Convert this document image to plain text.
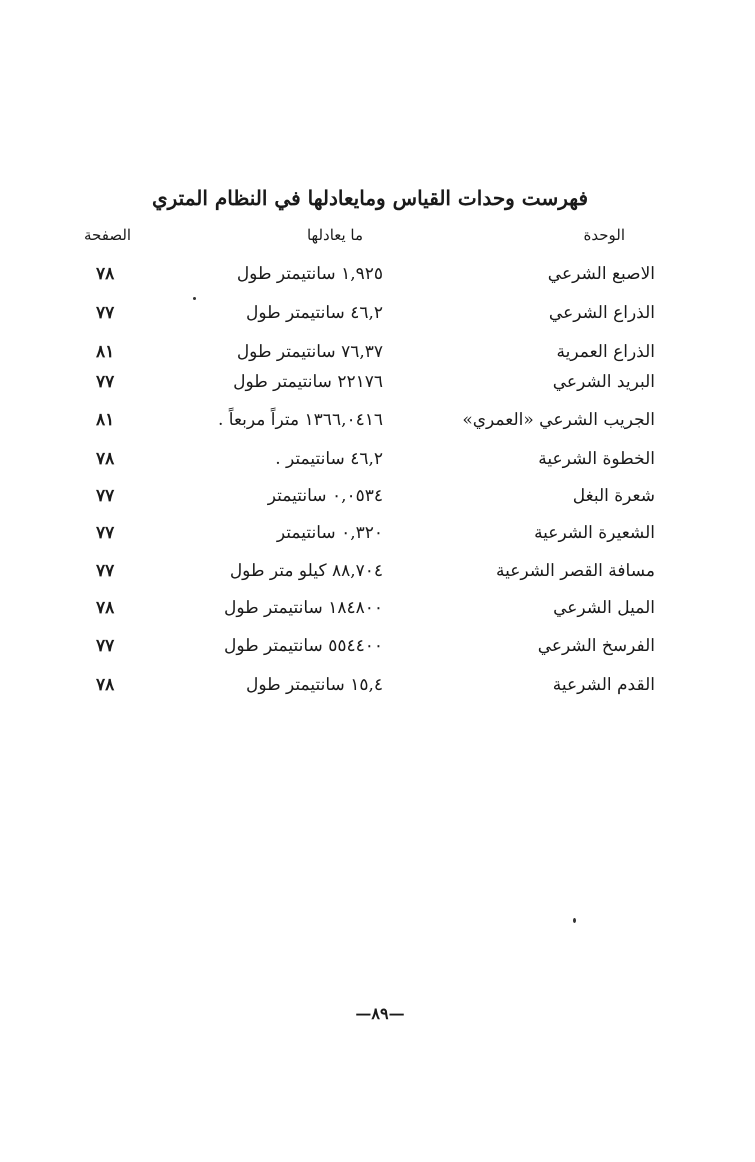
فهرست وحدات القياس ومايعادلها في النظام المتري
الوحدة
ما يعادلها
الصفحة
الاصبع الشرعي
١,٩٢٥ سانتيمتر طول
٧٨
الذراع الشرعي
٤٦,٢ سانتيمتر طول
٧٧
الذراع العمرية
٧٦,٣٧ سانتيمتر طول
٨١
البريد الشرعي
٢٢١٧٦ سانتيمتر طول
٧٧
الجريب الشرعي «العمري»
١٣٦٦,٠٤١٦ متراً مربعاً .
٨١
الخطوة الشرعية
٤٦,٢ سانتيمتر .
٧٨
شعرة البغل
٠,٠٥٣٤ سانتيمتر
٧٧
الشعيرة الشرعية
٠,٣٢٠ سانتيمتر
٧٧
مسافة القصر الشرعية
٨٨,٧٠٤ كيلو متر طول
٧٧
الميل الشرعي
١٨٤٨٠٠ سانتيمتر طول
٧٨
الفرسخ الشرعي
٥٥٤٤٠٠ سانتيمتر طول
٧٧
القدم الشرعية
١٥,٤ سانتيمتر طول
٧٨
—٨٩—
